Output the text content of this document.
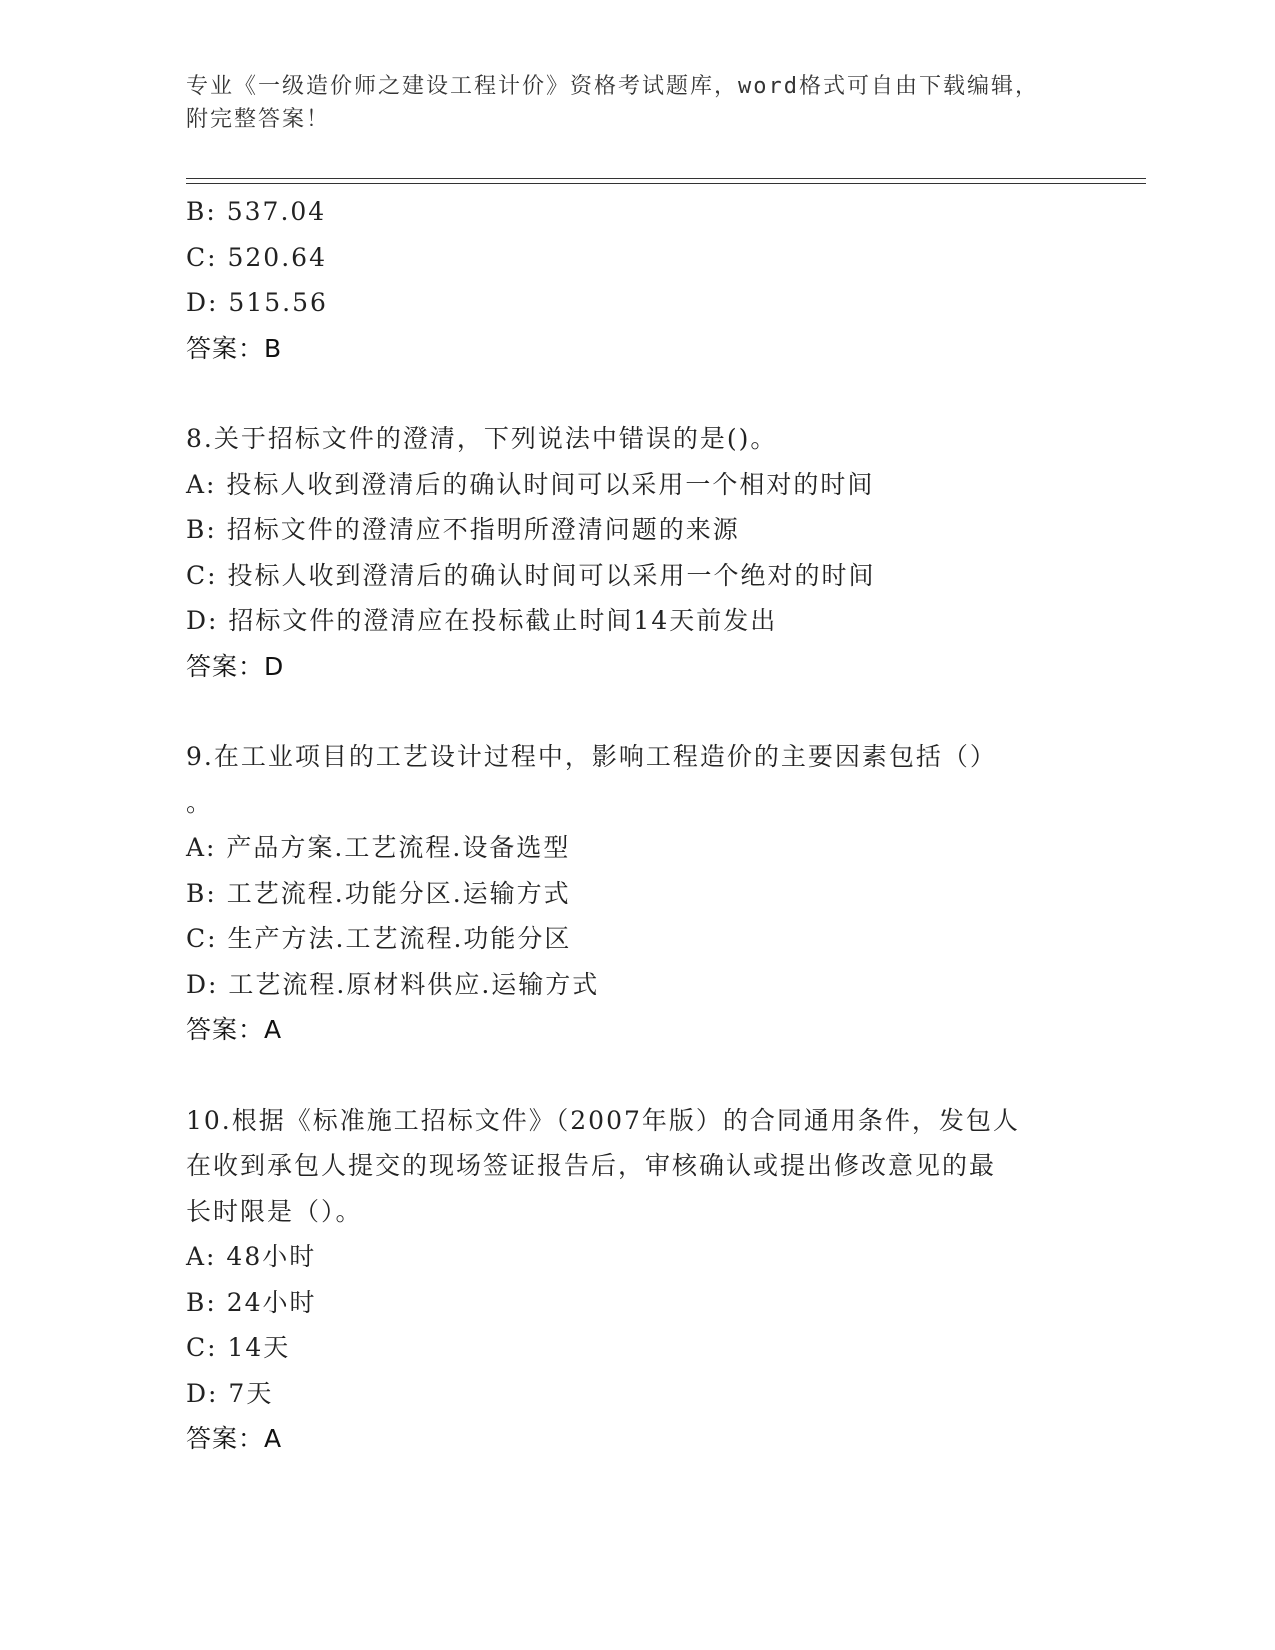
专业《一级造价师之建设工程计价》资格考试题库，word格式可自由下载编辑，
附完整答案！
B: 537.04
C: 520.64
D: 515.56
答案：B
8.关于招标文件的澄清，下列说法中错误的是()。
A: 投标人收到澄清后的确认时间可以采用一个相对的时间
B: 招标文件的澄清应不指明所澄清问题的来源
C: 投标人收到澄清后的确认时间可以采用一个绝对的时间
D: 招标文件的澄清应在投标截止时间14天前发出
答案：D
9.在工业项目的工艺设计过程中，影响工程造价的主要因素包括（）
。
A: 产品方案.工艺流程.设备选型
B: 工艺流程.功能分区.运输方式
C: 生产方法.工艺流程.功能分区
D: 工艺流程.原材料供应.运输方式
答案：A
10.根据《标准施工招标文件》（2007年版）的合同通用条件，发包人
在收到承包人提交的现场签证报告后，审核确认或提出修改意见的最
长时限是（）。
A: 48小时
B: 24小时
C: 14天
D: 7天
答案：A
